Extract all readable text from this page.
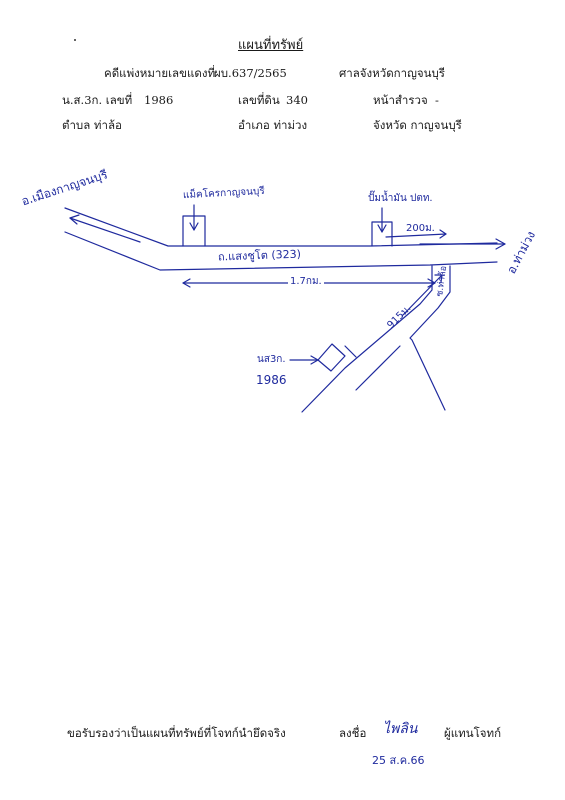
แผนที่ทรัพย์
คดีแพ่งหมายเลขแดงที่
ผบ.637/2565	ศาลจังหวัดกาญจนบุรี
น.ส.3ก. เลขที่ 1986	เลขที่ดิน 340	หน้าสำรวจ -
ตำบล ท่าล้อ	อำเภอ ท่าม่วง	จังหวัด กาญจนบุรี
อ.เมืองกาญจนบุรี
อ.ท่าม่วง
แม็คโครกาญจนบุรี	ปั๊มน้ำมัน ปตท.
ถ.แสงชูโต (323)
200ม.
1.7กม.	ซ.ท่าล้อ
915ม.
นส3ก.
1986
ขอรับรองว่าเป็นแผนที่ทรัพย์ที่โจทก์นำยึดจริง	ลงชื่อ ไพลิน ผู้แทนโจทก์
25 ส.ค.66
